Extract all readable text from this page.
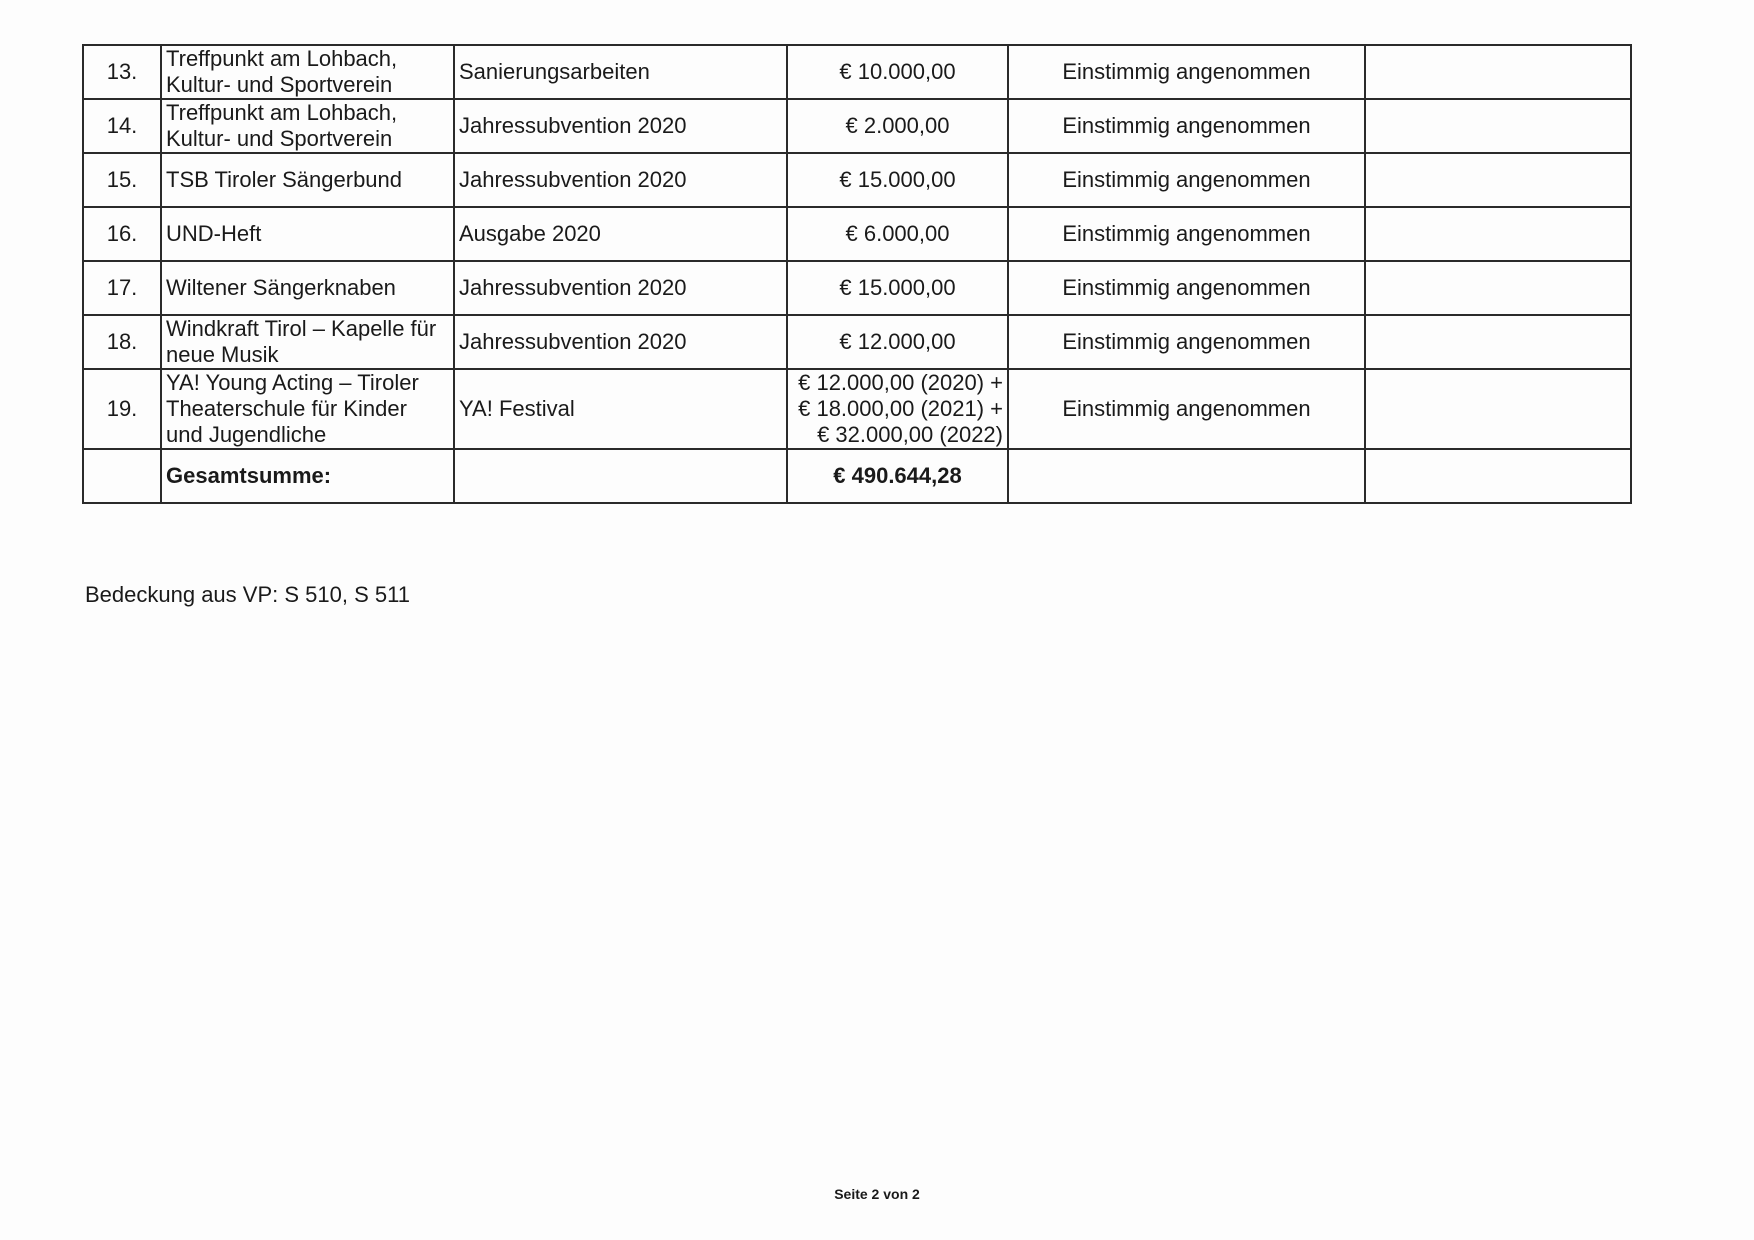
13.	Treffpunkt am Lohbach, Kultur- und Sportverein	Sanierungsarbeiten	€ 10.000,00	Einstimmig angenommen	
14.	Treffpunkt am Lohbach, Kultur- und Sportverein	Jahressubvention 2020	€ 2.000,00	Einstimmig angenommen	
15.	TSB Tiroler Sängerbund	Jahressubvention 2020	€ 15.000,00	Einstimmig angenommen	
16.	UND-Heft	Ausgabe 2020	€ 6.000,00	Einstimmig angenommen	
17.	Wiltener Sängerknaben	Jahressubvention 2020	€ 15.000,00	Einstimmig angenommen	
18.	Windkraft Tirol – Kapelle für neue Musik	Jahressubvention 2020	€ 12.000,00	Einstimmig angenommen	
19.	YA! Young Acting – Tiroler Theaterschule für Kinder und Jugendliche	YA! Festival	€ 12.000,00 (2020) +
€ 18.000,00 (2021) +
€ 32.000,00 (2022)	Einstimmig angenommen	
	Gesamtsumme:		€ 490.644,28		
Bedeckung aus VP: S 510, S 511
Seite 2 von 2
